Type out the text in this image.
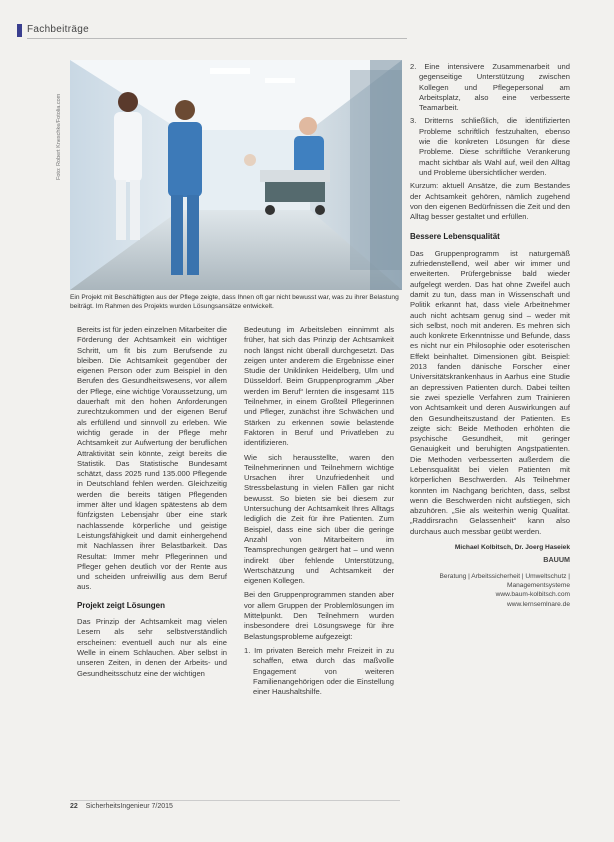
Fachbeiträge
Foto: Robert Kneschke/Fotolia.com
Ein Projekt mit Beschäftigten aus der Pflege zeigte, dass Ihnen oft gar nicht bewusst war, was zu ihrer Belastung beiträgt. Im Rahmen des Projekts wurden Lösungsansätze entwickelt.

Bereits ist für jeden einzelnen Mitarbeiter die Förderung der Achtsamkeit ein wichtiger Schritt, um fit bis zum Berufsende zu bleiben. Die Achtsamkeit gegenüber der eigenen Person oder zum Beispiel in den Berufen des Gesundheitswesens, vor allem der Pflege, eine wichtige Voraussetzung, um dauerhaft mit den hohen Anforderungen zurechtzukommen und der eigenen Beruf als erfüllend und sinnvoll zu erleben. Wie wichtig gerade in der Pflege mehr Achtsamkeit zur Aufwertung der beruflichen Attraktivität sein könnte, zeigt bereits die Statistik. Das Statistische Bundesamt schätzt, dass 2025 rund 135.000 Pflegende in Deutschland fehlen werden. Gleichzeitig werden die bereits tätigen Pflegenden immer älter und klagen spätestens ab dem fünfzigsten Lebensjahr über eine stark nachlassende körperliche und geistige Leistungsfähigkeit und damit einhergehend mit Nachlassen ihrer Belastbarkeit. Das Resultat: Immer mehr Pflegerinnen und Pfleger gehen deutlich vor der Rente aus und scheiden unfreiwillig aus dem Beruf aus.

Projekt zeigt Lösungen

Das Prinzip der Achtsamkeit mag vielen Lesern als sehr selbstverständlich erscheinen: eventuell auch nur als eine Welle in einem Schlauchen. Aber selbst in unseren Zeiten, in denen der Arbeits- und Gesundheitsschutz eine der wichtigen

Bedeutung im Arbeitsleben einnimmt als früher, hat sich das Prinzip der Achtsamkeit noch längst nicht überall durchgesetzt. Das zeigen unter anderem die Ergebnisse einer Studie der Uniklinken Heidelberg, Ulm und Düsseldorf. Beim Gruppenprogramm „Aber werden im Beruf“ lernten die insgesamt 115 Teilnehmer, in einem Großteil Pflegerinnen und Pfleger, zunächst ihre Schwächen und Stärken zu erkennen sowie belastende Faktoren in Beruf und Privatleben zu identifizieren.

Wie sich herausstellte, waren den Teilnehmerinnen und Teilnehmern wichtige Ursachen ihrer Unzufriedenheit und Stressbelastung in vielen Fällen gar nicht bewusst. So bieten sie bei diesem zur Untersuchung der Achtsamkeit Ihres Alltags lediglich die Zeit für ihre Patienten. Zum Beispiel, dass eine sich über die geringe Anzahl von Mitarbeitern im Teamsprechungen geärgert hat – und wenn indirekt über fehlende Unterstützung, Wertschätzung und Achtsamkeit der eigenen Kollegen.

Bei den Gruppenprogrammen standen aber vor allem Gruppen der Problemlösungen im Mittelpunkt. Den Teilnehmern wurden insbesondere drei Lösungswege für ihre Belastungsprobleme aufgezeigt:

1. Im privaten Bereich mehr Freizeit in zu schaffen, etwa durch das maßvolle Engagement von weiteren Familienangehörigen oder die Einstellung einer Haushaltshilfe.
2. Eine intensivere Zusammenarbeit und gegenseitige Unterstützung zwischen Kollegen und Pflegepersonal am Arbeitsplatz, also eine verbesserte Teamarbeit.
3. Dritterns schließlich, die identifizierten Probleme schriftlich festzuhalten, ebenso wie die konkreten Lösungen für diese Probleme. Diese schriftliche Verankerung macht sichtbar als Wahl auf, weil den Alltag und Probleme übersichtlicher werden.

Kurzum: aktuell Ansätze, die zum Bestandes der Achtsamkeit gehören, nämlich zugehend von den eigenen Bedürfnissen die Zeit und den Alltag besser gestaltet und erfüllen.

Bessere Lebensqualität

Das Gruppenprogramm ist naturgemäß zufriedenstellend, weil aber wir immer und erweiterten. Prüfergebnisse bald wieder aufgelegt werden. Das hat ohne Zweifel auch damit zu tun, dass man in Wissenschaft und Politik erkannt hat, dass viele Arbeitnehmer auch nicht achtsam genug sind – weder mit sich selbst, noch mit anderen. Es mehren sich auch konkrete Erkenntnisse und Befunde, dass es nicht nur ein Philosophie oder esoterischen Effekt beinhaltet. Dimensionen gibt. Beispiel: 2013 fanden dänische Forscher einer Universitätskrankenhaus in Aarhus eine Studie an depressiven Patienten durch. Dabei teilten sie zwei spezielle Verfahren zum Trainieren von Achtsamkeit und deren Auswirkungen auf den Gesundheitszustand der Patienten. Es zeigte sich: Beide Methoden erhöhten die psychische Gesundheit, mit geringer Genauigkeit und beruhigten Angstpatienten. Die Methoden verbesserten außerdem die Lebensqualität bei vielen Patienten mit körperlichen Beschwerden. Als Teilnehmer konnten im Nachgang berichten, dass, selbst wenn die Beschwerden nicht aufstiegen, sich abzuhören. „Sie als weiterhin wenig Qualitat. „Raddirsrachn Gelassenheit“ kann also durchaus auch messbar geübt werden.

Michael Kolbitsch, Dr. Joerg Haseiek
BAUUM
Beratung | Arbeitssicherheit | Umweltschutz | Managementsysteme
www.baum-kolbitsch.com
www.lernsemlnare.de
22 SicherheitsIngenieur 7/2015
